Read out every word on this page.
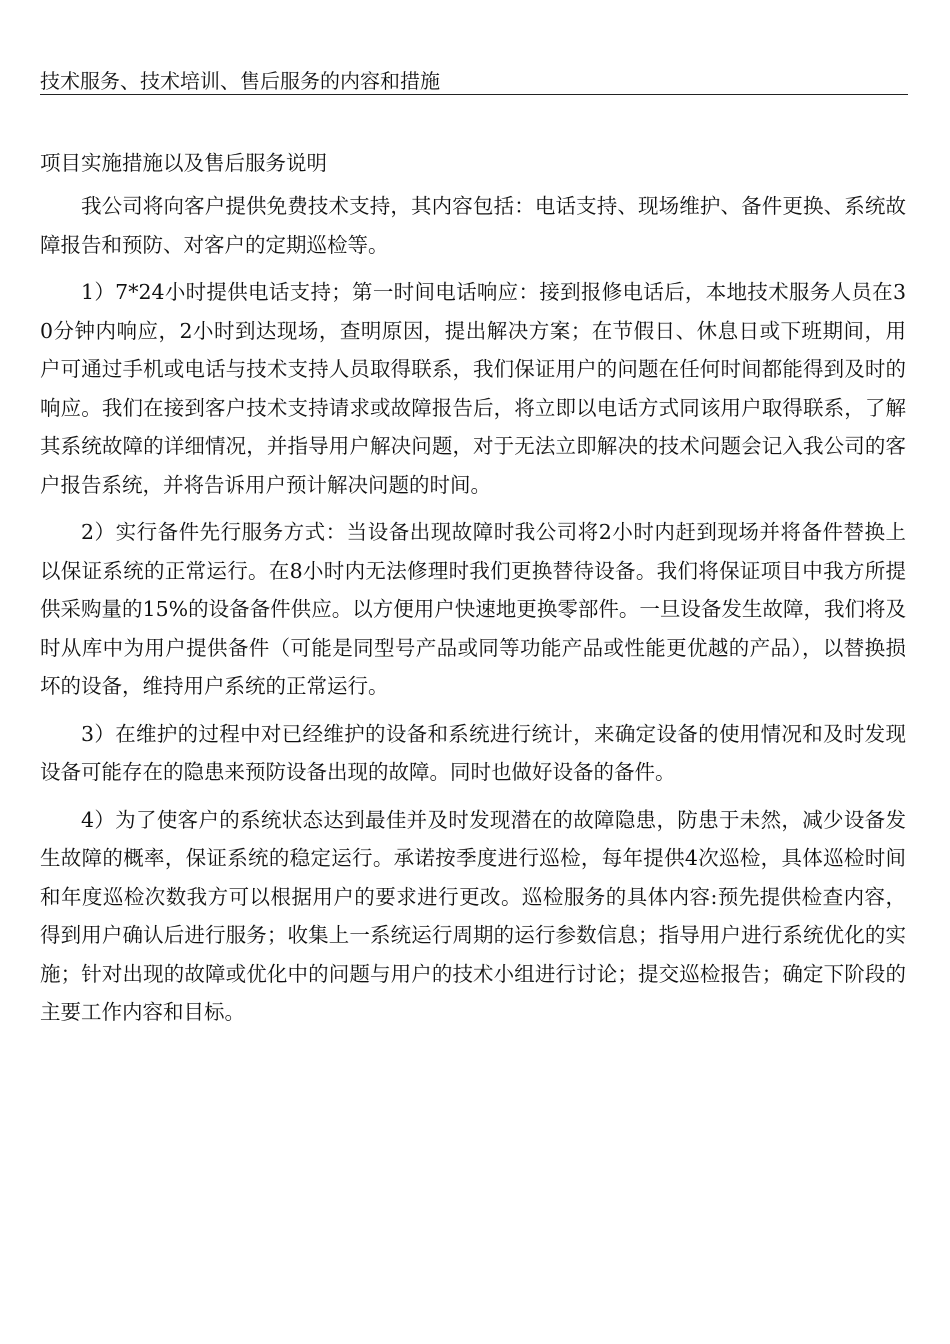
技术服务、技术培训、售后服务的内容和措施
项目实施措施以及售后服务说明

我公司将向客户提供免费技术支持，其内容包括：电话支持、现场维护、备件更换、系统故障报告和预防、对客户的定期巡检等。

1）7*24小时提供电话支持；第一时间电话响应：接到报修电话后，本地技术服务人员在30分钟内响应，2小时到达现场，查明原因，提出解决方案；在节假日、休息日或下班期间，用户可通过手机或电话与技术支持人员取得联系，我们保证用户的问题在任何时间都能得到及时的响应。我们在接到客户技术支持请求或故障报告后，将立即以电话方式同该用户取得联系，了解其系统故障的详细情况，并指导用户解决问题，对于无法立即解决的技术问题会记入我公司的客户报告系统，并将告诉用户预计解决问题的时间。

2）实行备件先行服务方式：当设备出现故障时我公司将2小时内赶到现场并将备件替换上以保证系统的正常运行。在8小时内无法修理时我们更换替待设备。我们将保证项目中我方所提供采购量的15%的设备备件供应。以方便用户快速地更换零部件。一旦设备发生故障，我们将及时从库中为用户提供备件（可能是同型号产品或同等功能产品或性能更优越的产品），以替换损坏的设备，维持用户系统的正常运行。

3）在维护的过程中对已经维护的设备和系统进行统计，来确定设备的使用情况和及时发现设备可能存在的隐患来预防设备出现的故障。同时也做好设备的备件。

4）为了使客户的系统状态达到最佳并及时发现潜在的故障隐患，防患于未然，减少设备发生故障的概率，保证系统的稳定运行。承诺按季度进行巡检，每年提供4次巡检，具体巡检时间和年度巡检次数我方可以根据用户的要求进行更改。巡检服务的具体内容:预先提供检查内容，得到用户确认后进行服务；收集上一系统运行周期的运行参数信息；指导用户进行系统优化的实施；针对出现的故障或优化中的问题与用户的技术小组进行讨论；提交巡检报告；确定下阶段的主要工作内容和目标。
